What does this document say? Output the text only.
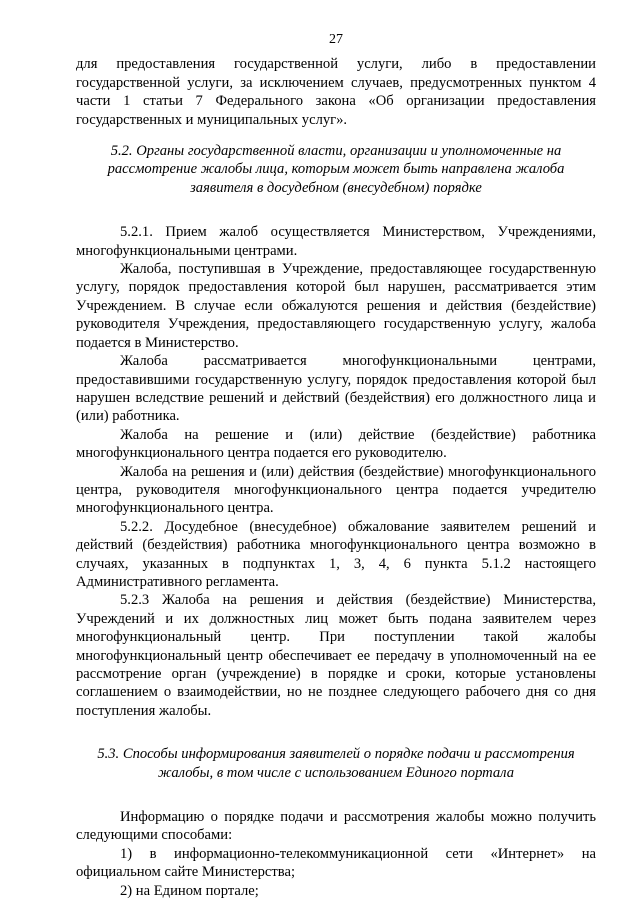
27

для предоставления государственной услуги, либо в предоставлении государственной услуги, за исключением случаев, предусмотренных пунктом 4 части 1 статьи 7 Федерального закона «Об организации предоставления государственных и муниципальных услуг».

5.2. Органы государственной власти, организации и уполномоченные на рассмотрение жалобы лица, которым может быть направлена жалоба заявителя в досудебном (внесудебном) порядке

5.2.1. Прием жалоб осуществляется Министерством, Учреждениями, многофункциональными центрами.

Жалоба, поступившая в Учреждение, предоставляющее государственную услугу, порядок предоставления которой был нарушен, рассматривается этим Учреждением. В случае если обжалуются решения и действия (бездействие) руководителя Учреждения, предоставляющего государственную услугу, жалоба подается в Министерство.

Жалоба рассматривается многофункциональными центрами, предоставившими государственную услугу, порядок предоставления которой был нарушен вследствие решений и действий (бездействия) его должностного лица и (или) работника.

Жалоба на решение и (или) действие (бездействие) работника многофункционального центра подается его руководителю.

Жалоба на решения и (или) действия (бездействие) многофункционального центра, руководителя многофункционального центра подается учредителю многофункционального центра.

5.2.2. Досудебное (внесудебное) обжалование заявителем решений и действий (бездействия) работника многофункционального центра возможно в случаях, указанных в подпунктах 1, 3, 4, 6 пункта 5.1.2 настоящего Административного регламента.

5.2.3 Жалоба на решения и действия (бездействие) Министерства, Учреждений и их должностных лиц может быть подана заявителем через многофункциональный центр. При поступлении такой жалобы многофункциональный центр обеспечивает ее передачу в уполномоченный на ее рассмотрение орган (учреждение) в порядке и сроки, которые установлены соглашением о взаимодействии, но не позднее следующего рабочего дня со дня поступления жалобы.

5.3. Способы информирования заявителей о порядке подачи и рассмотрения жалобы, в том числе с использованием Единого портала

Информацию о порядке подачи и рассмотрения жалобы можно получить следующими способами:

1) в информационно-телекоммуникационной сети «Интернет» на официальном сайте Министерства;

2) на Едином портале;
